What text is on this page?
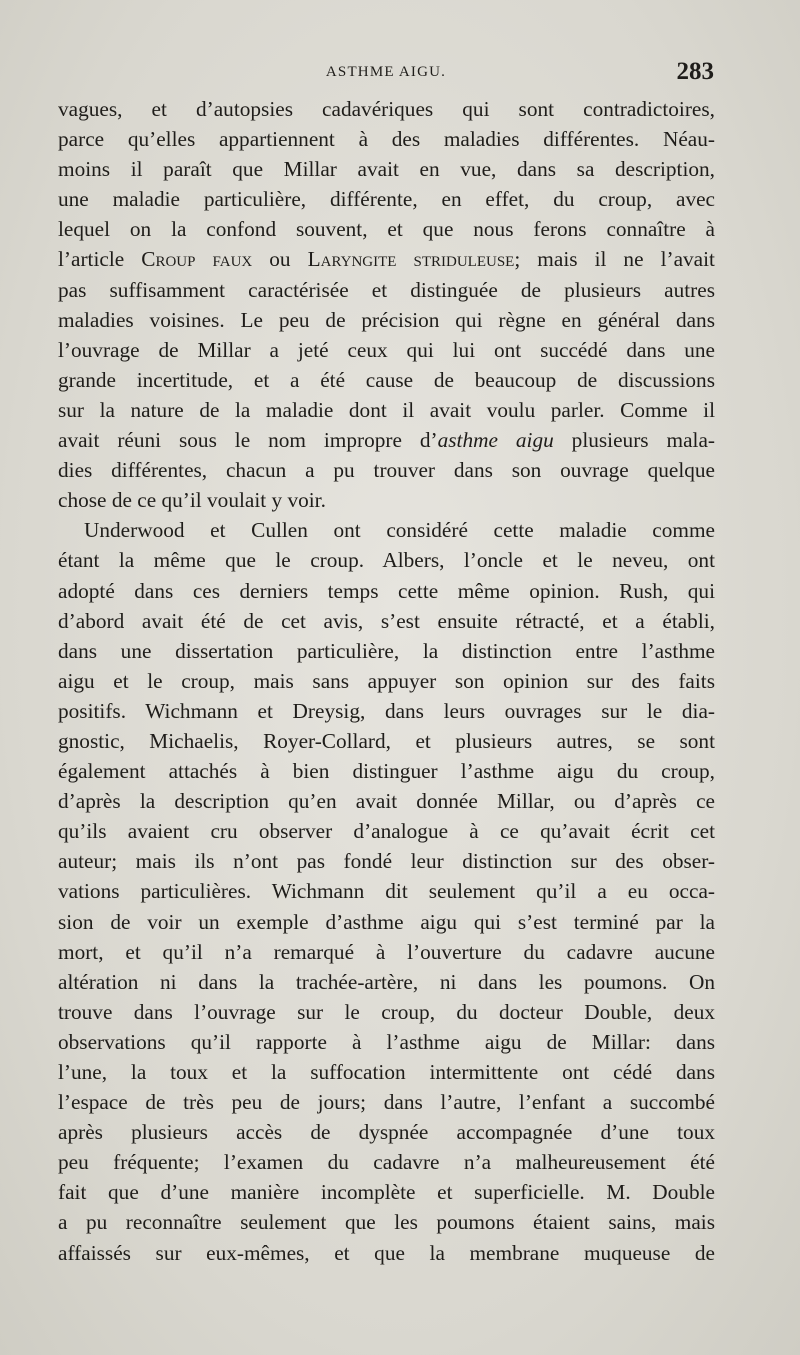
ASTHME AIGU.	283
vagues, et d’autopsies cadavériques qui sont contradictoires,
parce qu’elles appartiennent à des maladies différentes. Néau-
moins il paraît que Millar avait en vue, dans sa description,
une maladie particulière, différente, en effet, du croup, avec
lequel on la confond souvent, et que nous ferons connaître à
l’article Croup faux ou Laryngite striduleuse; mais il ne l’avait
pas suffisamment caractérisée et distinguée de plusieurs autres
maladies voisines. Le peu de précision qui règne en général dans
l’ouvrage de Millar a jeté ceux qui lui ont succédé dans une
grande incertitude, et a été cause de beaucoup de discussions
sur la nature de la maladie dont il avait voulu parler. Comme il
avait réuni sous le nom impropre d’asthme aigu plusieurs mala-
dies différentes, chacun a pu trouver dans son ouvrage quelque
chose de ce qu’il voulait y voir.
Underwood et Cullen ont considéré cette maladie comme
étant la même que le croup. Albers, l’oncle et le neveu, ont
adopté dans ces derniers temps cette même opinion. Rush, qui
d’abord avait été de cet avis, s’est ensuite rétracté, et a établi,
dans une dissertation particulière, la distinction entre l’asthme
aigu et le croup, mais sans appuyer son opinion sur des faits
positifs. Wichmann et Dreysig, dans leurs ouvrages sur le dia-
gnostic, Michaelis, Royer-Collard, et plusieurs autres, se sont
également attachés à bien distinguer l’asthme aigu du croup,
d’après la description qu’en avait donnée Millar, ou d’après ce
qu’ils avaient cru observer d’analogue à ce qu’avait écrit cet
auteur; mais ils n’ont pas fondé leur distinction sur des obser-
vations particulières. Wichmann dit seulement qu’il a eu occa-
sion de voir un exemple d’asthme aigu qui s’est terminé par la
mort, et qu’il n’a remarqué à l’ouverture du cadavre aucune
altération ni dans la trachée-artère, ni dans les poumons. On
trouve dans l’ouvrage sur le croup, du docteur Double, deux
observations qu’il rapporte à l’asthme aigu de Millar: dans
l’une, la toux et la suffocation intermittente ont cédé dans
l’espace de très peu de jours; dans l’autre, l’enfant a succombé
après plusieurs accès de dyspnée accompagnée d’une toux
peu fréquente; l’examen du cadavre n’a malheureusement été
fait que d’une manière incomplète et superficielle. M. Double
a pu reconnaître seulement que les poumons étaient sains, mais
affaissés sur eux-mêmes, et que la membrane muqueuse de
